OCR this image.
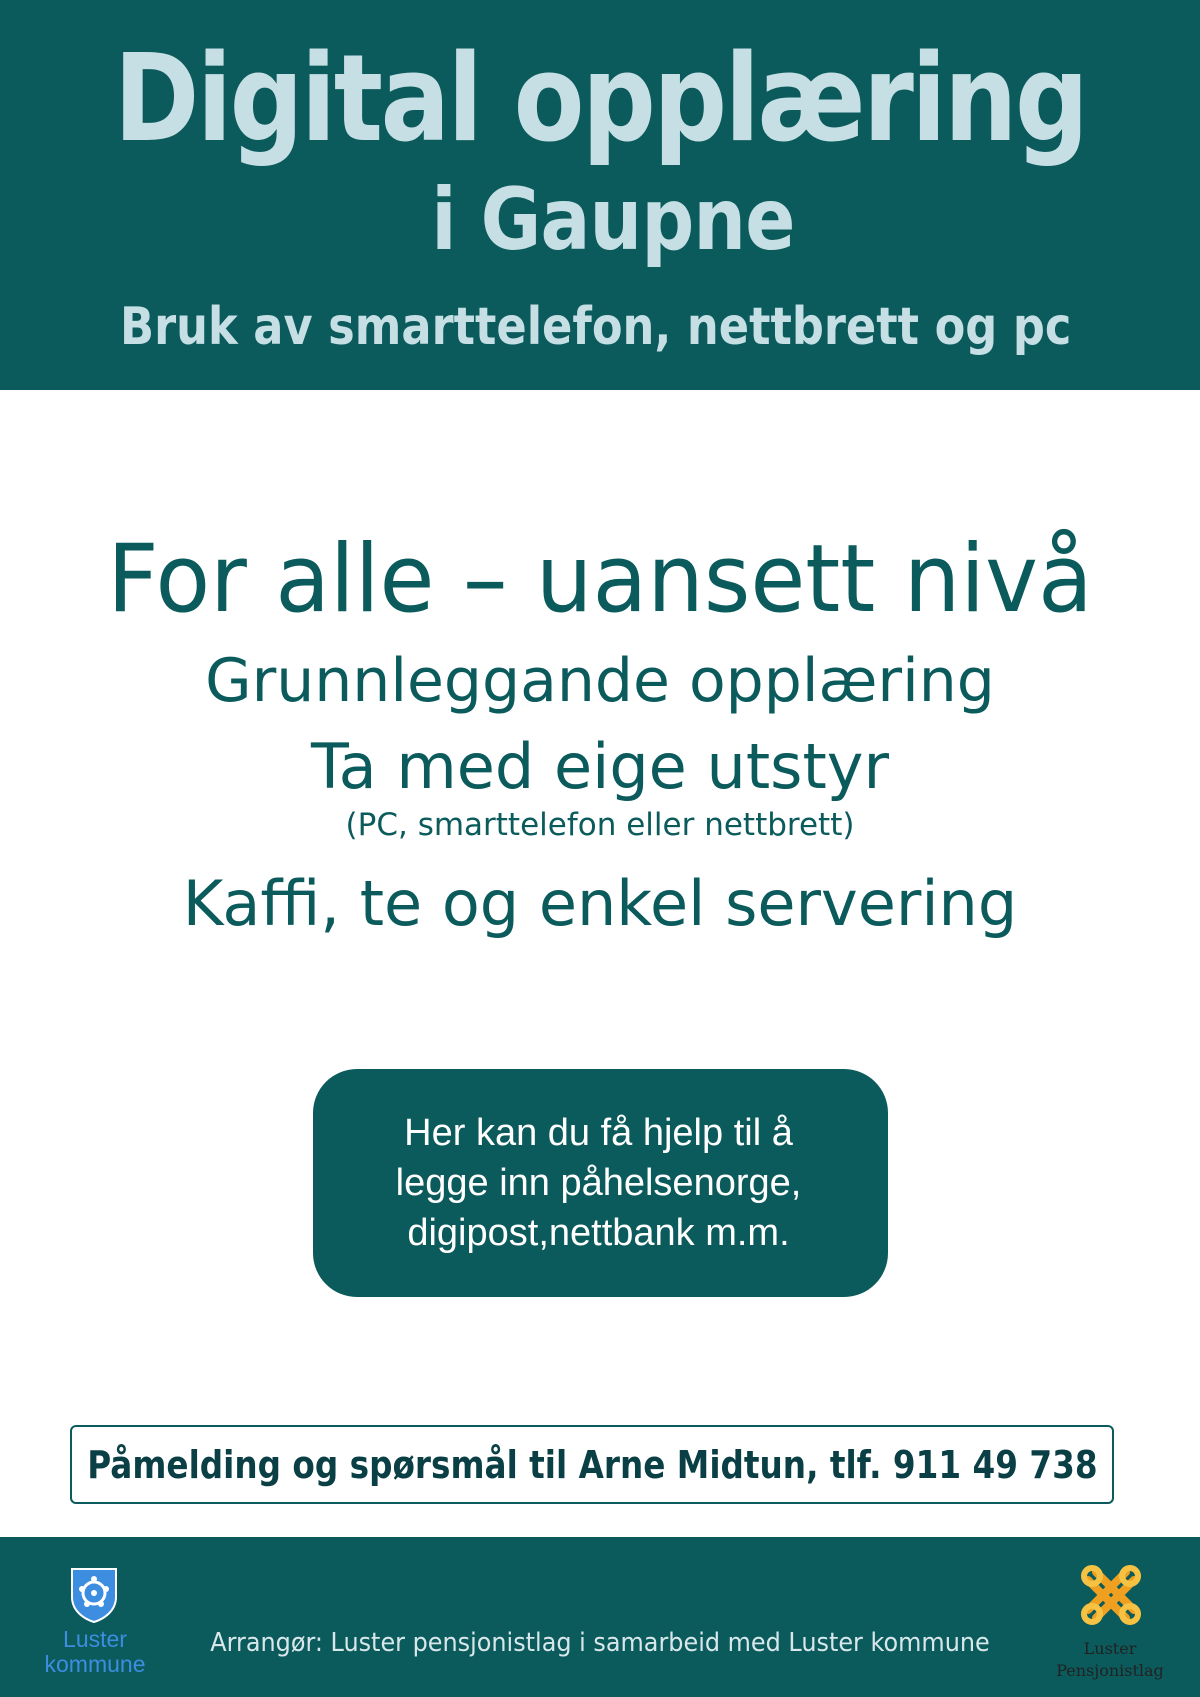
Digital opplæring
i Gaupne
Bruk av smarttelefon, nettbrett og pc
For alle – uansett nivå
Grunnleggande opplæring
Ta med eige utstyr
(PC, smarttelefon eller nettbrett)
Kaffi, te og enkel servering
Her kan du få hjelp til å
legge inn påhelsenorge,
digipost,nettbank m.m.
Påmelding og spørsmål til Arne Midtun, tlf. 911 49 738
Luster
kommune
Arrangør: Luster pensjonistlag i samarbeid med Luster kommune	Luster
Pensjonistlag
